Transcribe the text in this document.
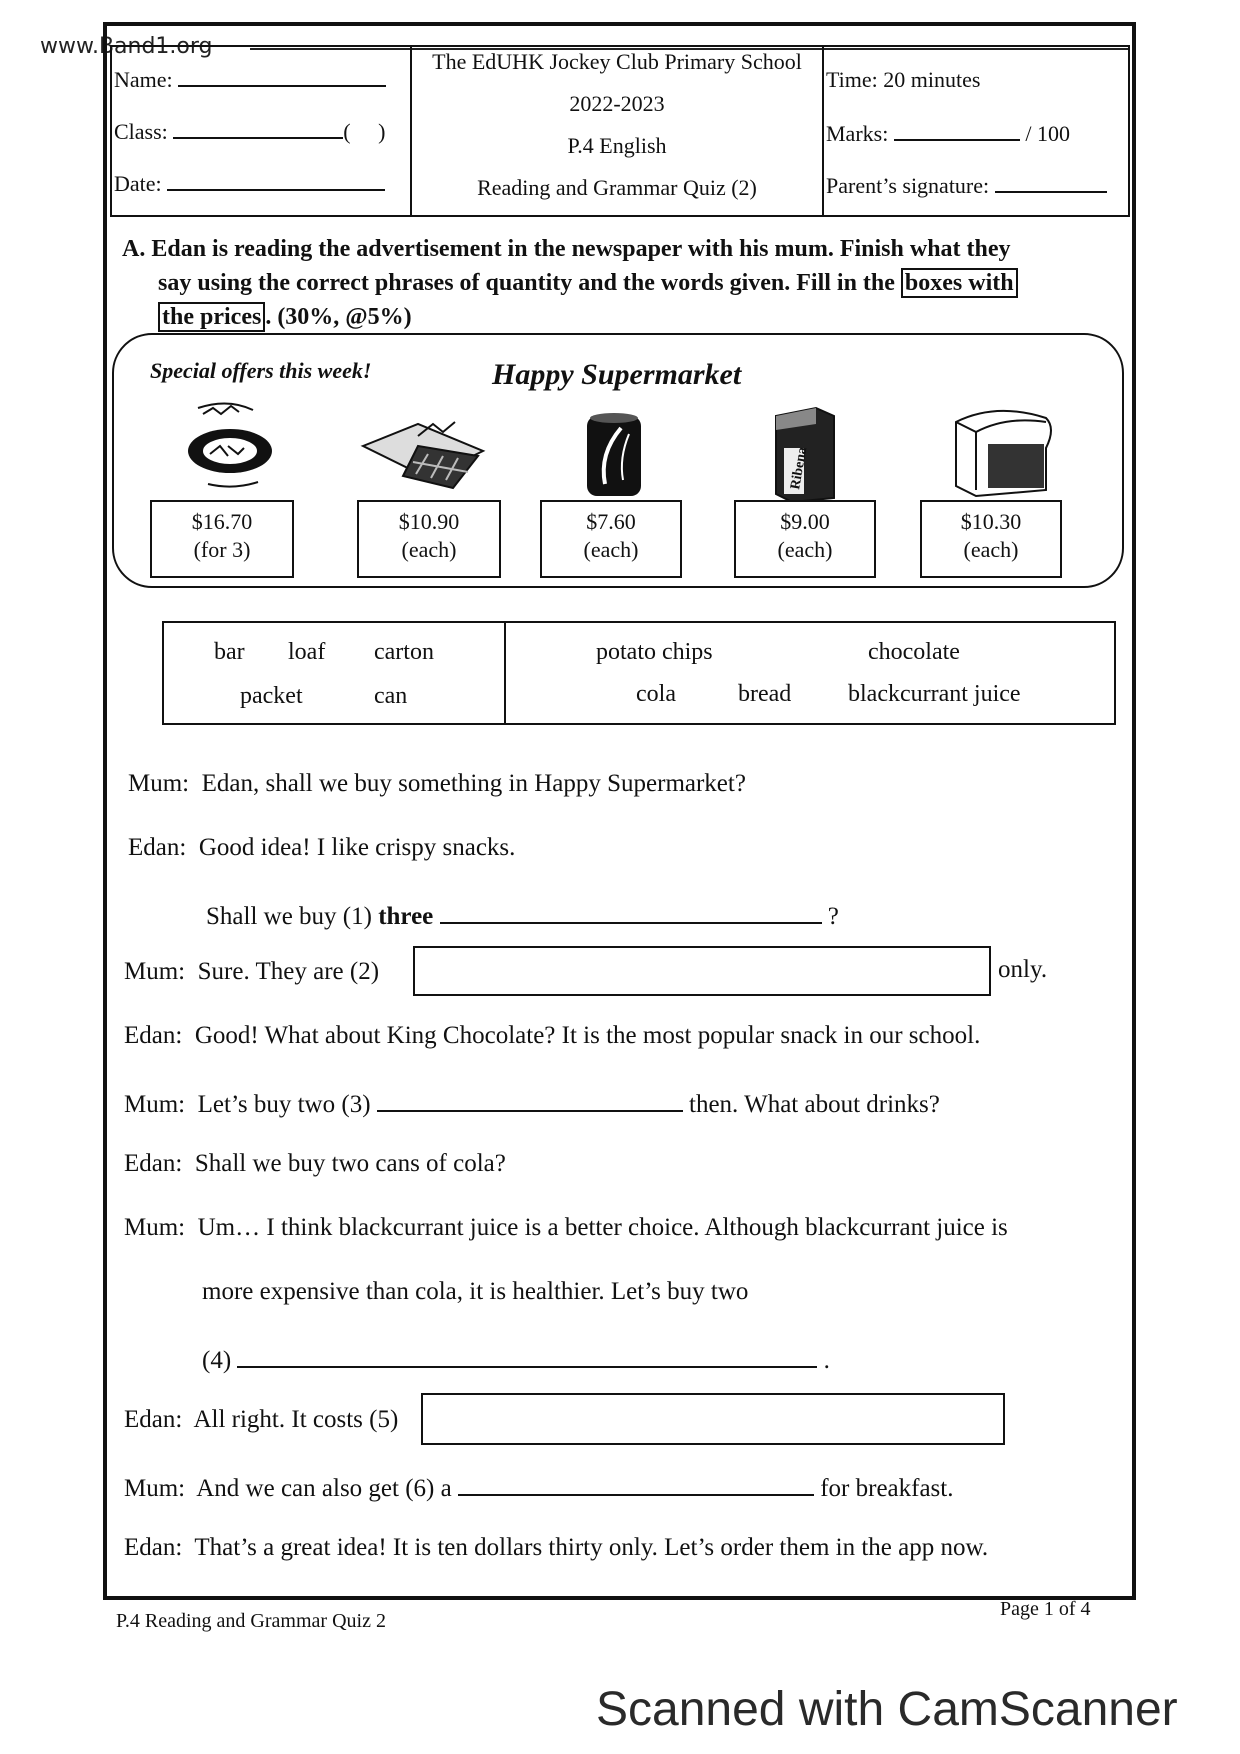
www.Band1.org
Name:
Class:	(     )
Date:
The EdUHK Jockey Club Primary School
2022-2023
P.4 English
Reading and Grammar Quiz (2)
Time: 20 minutes
Marks:	/ 100
Parent’s signature:
A. Edan is reading the advertisement in the newspaper with his mum. Finish what they

say using the correct phrases of quantity and the words given. Fill in the boxes with
the prices . (30%, @5%)
Special offers this week!	Happy Supermarket
Ribena
$16.70
(for 3)
$10.90
(each)
$7.60
(each)
$9.00
(each)
$10.30
(each)
bar loaf carton
packet	can
potato chips	chocolate
cola	bread blackcurrant juice
Mum: Edan, shall we buy something in Happy Supermarket?
Edan: Good idea! I like crispy snacks.
Shall we buy (1) three	?
Mum: Sure. They are (2)	only.
Edan: Good! What about King Chocolate? It is the most popular snack in our school.
Mum: Let’s buy two (3)	then. What about drinks?
Edan: Shall we buy two cans of cola?
Mum: Um… I think blackcurrant juice is a better choice. Although blackcurrant juice is
more expensive than cola, it is healthier. Let’s buy two
(4)	.
Edan: All right. It costs (5)
Mum: And we can also get (6) a	for breakfast.
Edan: That’s a great idea! It is ten dollars thirty only. Let’s order them in the app now.
P.4 Reading and Grammar Quiz 2
Page 1 of 4
Scanned with CamScanner
